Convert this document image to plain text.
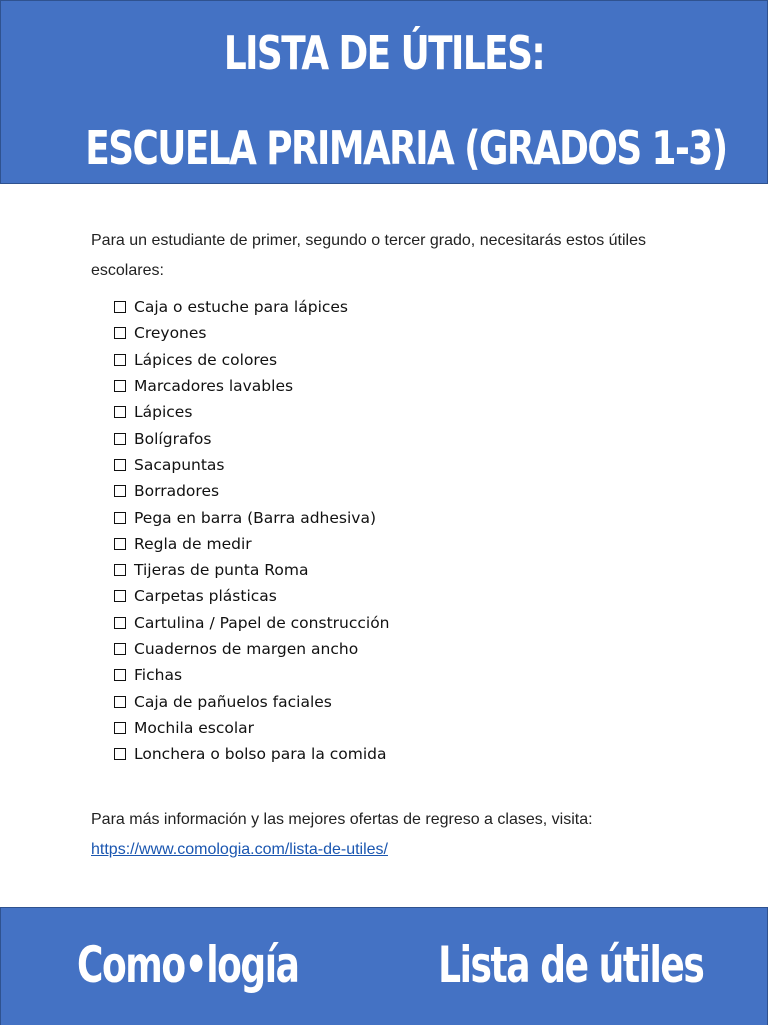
LISTA DE ÚTILES:
ESCUELA PRIMARIA (GRADOS 1-3)
Para un estudiante de primer, segundo o tercer grado, necesitarás estos útiles escolares:
Caja o estuche para lápices
Creyones
Lápices de colores
Marcadores lavables
Lápices
Bolígrafos
Sacapuntas
Borradores
Pega en barra (Barra adhesiva)
Regla de medir
Tijeras de punta Roma
Carpetas plásticas
Cartulina / Papel de construcción
Cuadernos de margen ancho
Fichas
Caja de pañuelos faciales
Mochila escolar
Lonchera o bolso para la comida
Para más información y las mejores ofertas de regreso a clases, visita:
https://www.comologia.com/lista-de-utiles/
Como•logía	Lista de útiles
